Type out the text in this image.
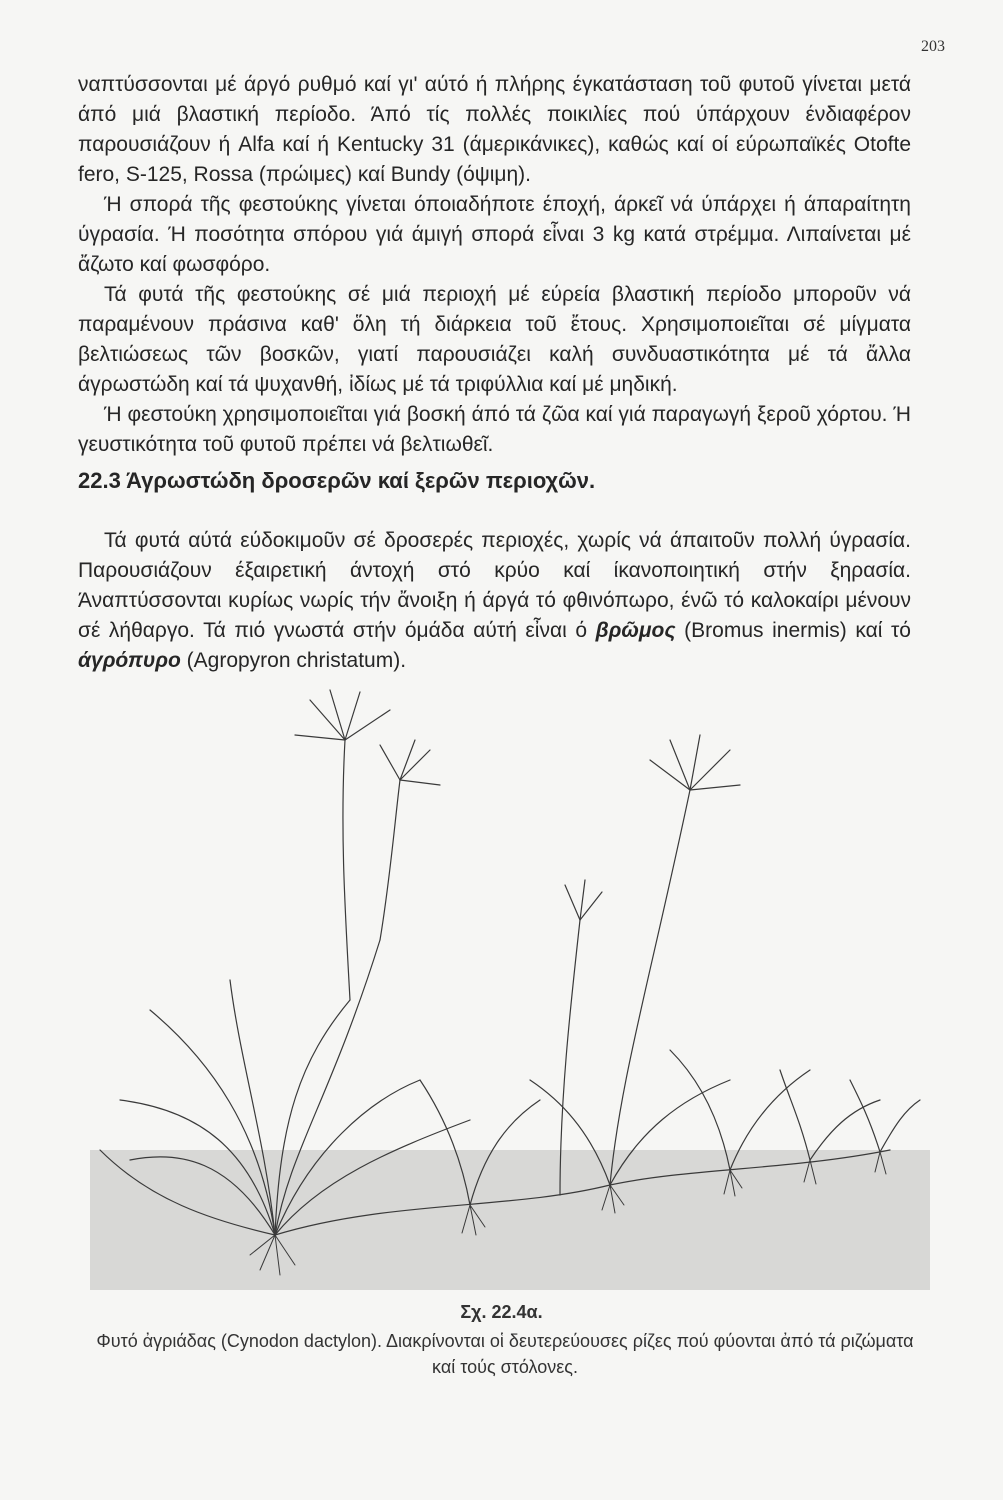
203

ναπτύσσονται μέ άργό ρυθμό καί γι' αύτό ή πλήρης έγκατάσταση τοῦ φυτοῦ γίνεται μετά άπό μιά βλαστική περίοδο. Άπό τίς πολλές ποικιλίες πού ύπάρχουν ένδιαφέρον παρουσιάζουν ή Alfa καί ή Kentucky 31 (άμερικάνικες), καθώς καί οί εύρωπαϊκές Otofte fero, S-125, Rossa (πρώιμες) καί Bundy (όψιμη).

Ή σπορά τῆς φεστούκης γίνεται όποιαδήποτε έποχή, άρκεῖ νά ύπάρχει ή άπαραίτητη ύγρασία. Ή ποσότητα σπόρου γιά άμιγή σπορά εἶναι 3 kg κατά στρέμμα. Λιπαίνεται μέ ἄζωτο καί φωσφόρο.

Τά φυτά τῆς φεστούκης σέ μιά περιοχή μέ εύρεία βλαστική περίοδο μποροῦν νά παραμένουν πράσινα καθ' ὅλη τή διάρκεια τοῦ ἔτους. Χρησιμοποιεῖται σέ μίγματα βελτιώσεως τῶν βοσκῶν, γιατί παρουσιάζει καλή συνδυαστικότητα μέ τά ἄλλα άγρωστώδη καί τά ψυχανθή, ἰδίως μέ τά τριφύλλια καί μέ μηδική.

Ή φεστούκη χρησιμοποιεῖται γιά βοσκή άπό τά ζῶα καί γιά παραγωγή ξεροῦ χόρτου. Ή γευστικότητα τοῦ φυτοῦ πρέπει νά βελτιωθεῖ.

22.3 Άγρωστώδη δροσερῶν καί ξερῶν περιοχῶν.

Τά φυτά αύτά εύδοκιμοῦν σέ δροσερές περιοχές, χωρίς νά άπαιτοῦν πολλή ύγρασία. Παρουσιάζουν έξαιρετική άντοχή στό κρύο καί ίκανοποιητική στήν ξηρασία. Άναπτύσσονται κυρίως νωρίς τήν ἄνοιξη ή άργά τό φθινόπωρο, ένῶ τό καλοκαίρι μένουν σέ λήθαργο. Τά πιό γνωστά στήν όμάδα αύτή εἶναι ό βρῶμος (Bromus inermis) καί τό άγρόπυρο (Agropyron christatum).

Σχ. 22.4α.
Φυτό ἀγριάδας (Cynodon dactylon). Διακρίνονται οἱ δευτερεύουσες ρίζες πού φύονται ἀπό τά ριζώματα καί τούς στόλονες.
